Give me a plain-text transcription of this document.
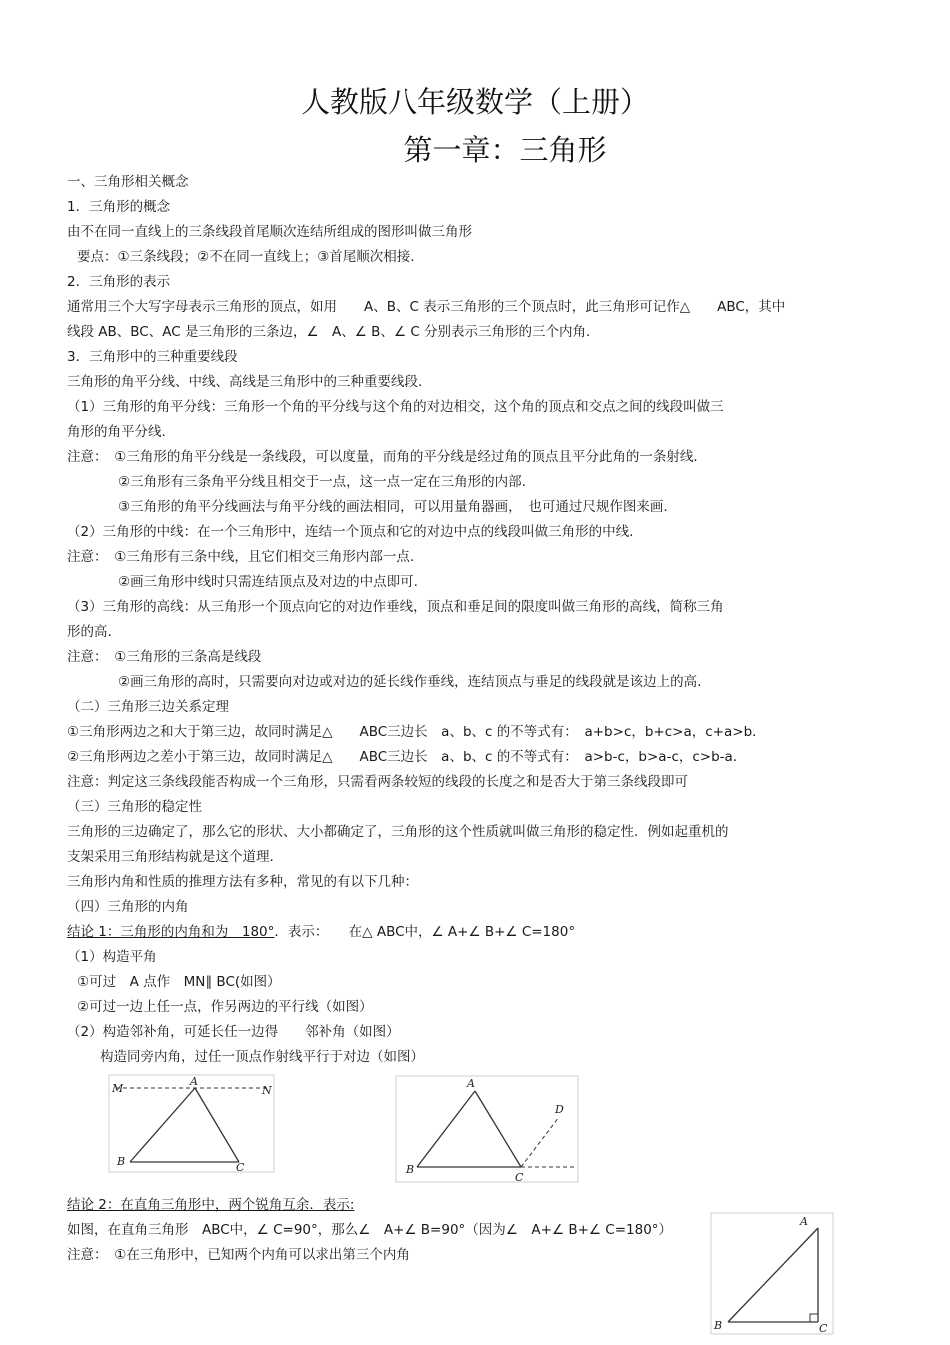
人教版八年级数学（上册）
第一章：三角形
一、三角形相关概念
1．三角形的概念
由不在同一直线上的三条线段首尾顺次连结所组成的图形叫做三角形
要点：①三条线段；②不在同一直线上；③首尾顺次相接.
2．三角形的表示
通常用三个大写字母表示三角形的顶点，如用　　A、B、C 表示三角形的三个顶点时，此三角形可记作△　　ABC，其中
线段 AB、BC、AC 是三角形的三条边，∠　A、∠ B、∠ C 分别表示三角形的三个内角.
3．三角形中的三种重要线段
三角形的角平分线、中线、高线是三角形中的三种重要线段.
（1）三角形的角平分线：三角形一个角的平分线与这个角的对边相交，这个角的顶点和交点之间的线段叫做三
角形的角平分线.
注意：　①三角形的角平分线是一条线段，可以度量，而角的平分线是经过角的顶点且平分此角的一条射线.
②三角形有三条角平分线且相交于一点，这一点一定在三角形的内部.
③三角形的角平分线画法与角平分线的画法相同，可以用量角器画，　也可通过尺规作图来画.
（2）三角形的中线：在一个三角形中，连结一个顶点和它的对边中点的线段叫做三角形的中线.
注意：　①三角形有三条中线，且它们相交三角形内部一点.
②画三角形中线时只需连结顶点及对边的中点即可.
（3）三角形的高线：从三角形一个顶点向它的对边作垂线，顶点和垂足间的限度叫做三角形的高线，简称三角
形的高.
注意：　①三角形的三条高是线段
②画三角形的高时，只需要向对边或对边的延长线作垂线，连结顶点与垂足的线段就是该边上的高.
（二）三角形三边关系定理
①三角形两边之和大于第三边，故同时满足△　　ABC三边长　a、b、c 的不等式有：　a+b>c，b+c>a，c+a>b．
②三角形两边之差小于第三边，故同时满足△　　ABC三边长　a、b、c 的不等式有：　a>b-c，b>a-c，c>b-a．
注意：判定这三条线段能否构成一个三角形，只需看两条较短的线段的长度之和是否大于第三条线段即可
（三）三角形的稳定性
三角形的三边确定了，那么它的形状、大小都确定了，三角形的这个性质就叫做三角形的稳定性．例如起重机的
支架采用三角形结构就是这个道理.
三角形内角和性质的推理方法有多种，常见的有以下几种：
（四）三角形的内角
结论 1：三角形的内角和为　180°．表示：　　在△ ABC中，∠ A+∠ B+∠ C=180°
（1）构造平角
①可过　A 点作　MN∥ BC(如图）
②可过一边上任一点，作另两边的平行线（如图）
（2）构造邻补角，可延长任一边得　　邻补角（如图）
构造同旁内角，过任一顶点作射线平行于对边（如图）
M	N
A
B	C
A
B
C
D
结论 2：在直角三角形中，两个锐角互余．表示:
如图，在直角三角形　ABC中，∠ C=90°，那么∠　A+∠ B=90°（因为∠　A+∠ B+∠ C=180°）
注意：　①在三角形中，已知两个内角可以求出第三个内角
A
B	C
